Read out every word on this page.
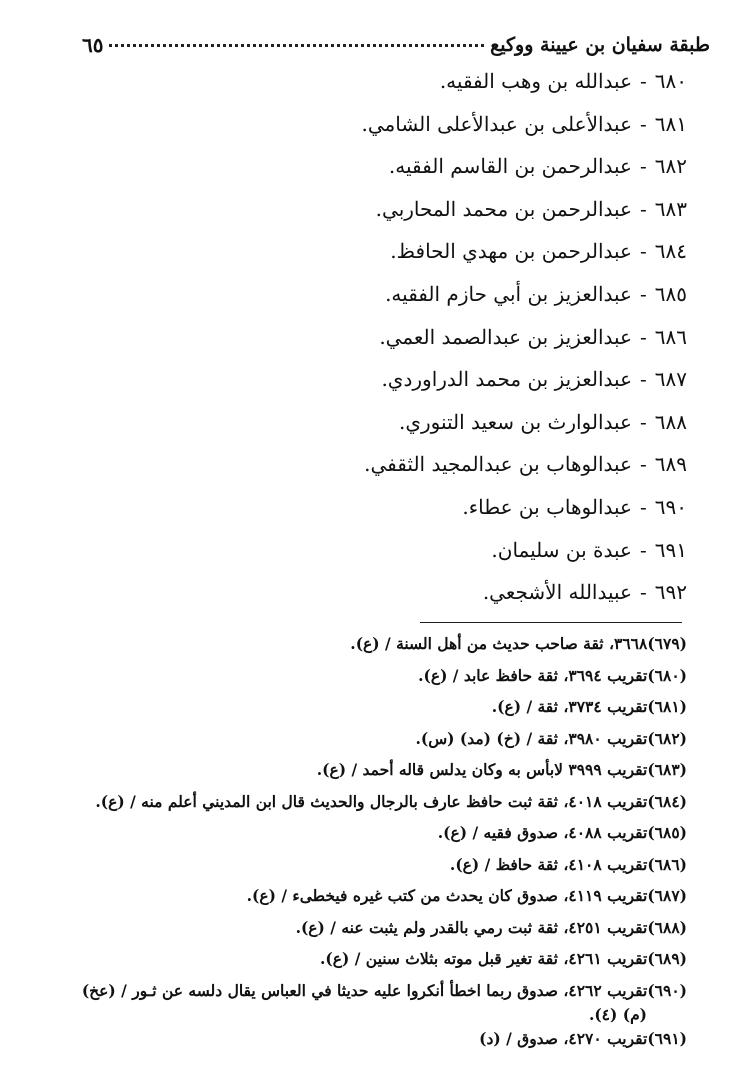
طبقة سفيان بن عيينة ووكيع
٦٥
٦٨٠
-
عبدالله بن وهب الفقيه.
٦٨١
-
عبدالأعلى بن عبدالأعلى الشامي.
٦٨٢
-
عبدالرحمن بن القاسم الفقيه.
٦٨٣
-
عبدالرحمن بن محمد المحاربي.
٦٨٤
-
عبدالرحمن بن مهدي الحافظ.
٦٨٥
-
عبدالعزيز بن أبي حازم الفقيه.
٦٨٦
-
عبدالعزيز بن عبدالصمد العمي.
٦٨٧
-
عبدالعزيز بن محمد الدراوردي.
٦٨٨
-
عبدالوارث بن سعيد التنوري.
٦٨٩
-
عبدالوهاب بن عبدالمجيد الثقفي.
٦٩٠
-
عبدالوهاب بن عطاء.
٦٩١
-
عبدة بن سليمان.
٦٩٢
-
عبيدالله الأشجعي.
(٦٧٩)٣٦٦٨، ثقة صاحب حديث من أهل السنة / (ع).
(٦٨٠)تقريب ٣٦٩٤، ثقة حافظ عابد / (ع).
(٦٨١)تقريب ٣٧٣٤، ثقة / (ع).
(٦٨٢)تقريب ٣٩٨٠، ثقة / (خ) (مد) (س).
(٦٨٣)تقريب ٣٩٩٩ لابأس به وكان يدلس قاله أحمد / (ع).
(٦٨٤)تقريب ٤٠١٨، ثقة ثبت حافظ عارف بالرجال والحديث قال ابن المديني أعلم منه / (ع).
(٦٨٥)تقريب ٤٠٨٨، صدوق فقيه / (ع).
(٦٨٦)تقريب ٤١٠٨، ثقة حافظ / (ع).
(٦٨٧)تقريب ٤١١٩، صدوق كان يحدث من كتب غيره فيخطىء / (ع).
(٦٨٨)تقريب ٤٢٥١، ثقة ثبت رمي بالقدر ولم يثبت عنه / (ع).
(٦٨٩)تقريب ٤٢٦١، ثقة تغير قبل موته بثلاث سنين / (ع).
(٦٩٠)تقريب ٤٢٦٢، صدوق ربما اخطأ أنكروا عليه حديثا في العباس يقال دلسه عن ثـور / (عخ)
(م) (٤).
(٦٩١)تقريب ٤٢٧٠، صدوق / (د)
